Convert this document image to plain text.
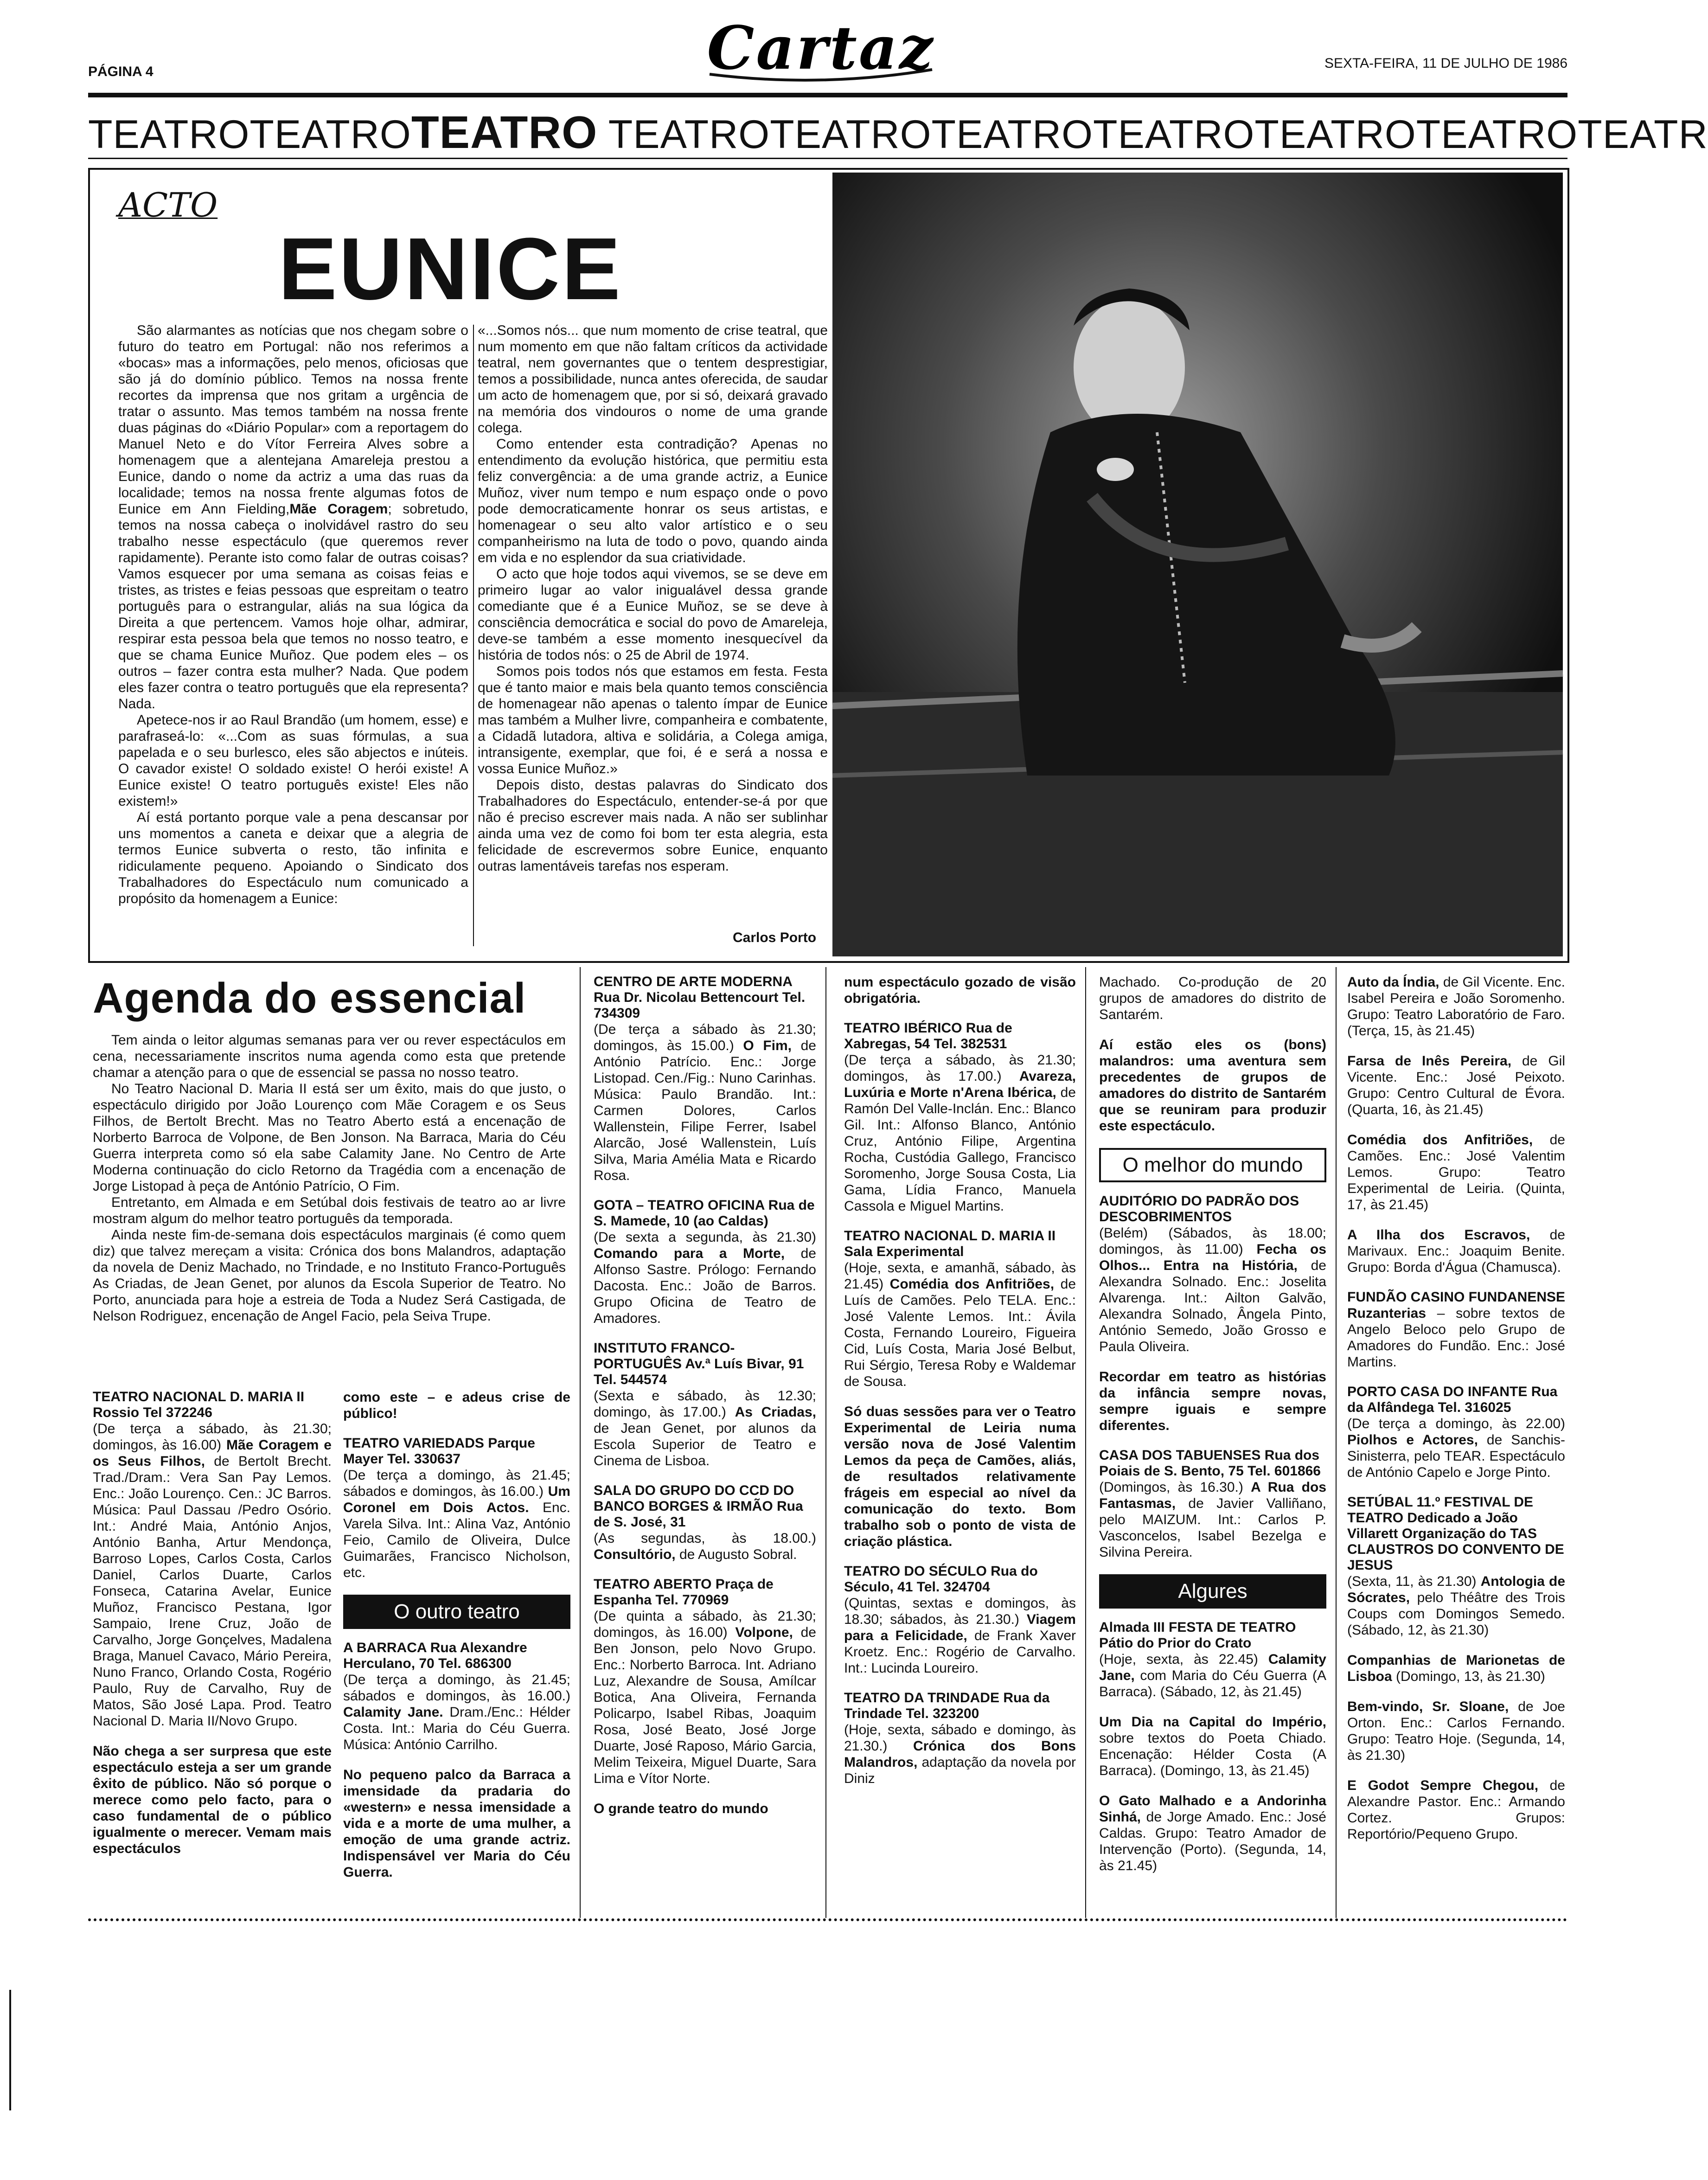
PÁGINA 4	Cartaz	SEXTA-FEIRA, 11 DE JULHO DE 1986
TEATROTEATROTEATRO TEATROTEATROTEATROTEATROTEATROTEATROTEATR
ACTO
EUNICE

São alarmantes as notícias que nos chegam sobre o futuro do teatro em Portugal: não nos referimos a «bocas» mas a informações, pelo menos, oficiosas que são já do domínio público. Temos na nossa frente recortes da imprensa que nos gritam a urgência de tratar o assunto. Mas temos também na nossa frente duas páginas do «Diário Popular» com a reportagem do Manuel Neto e do Vítor Ferreira Alves sobre a homenagem que a alentejana Amareleja prestou a Eunice, dando o nome da actriz a uma das ruas da localidade; temos na nossa frente algumas fotos de Eunice em Ann Fielding,Mãe Coragem; sobretudo, temos na nossa cabeça o inolvidável rastro do seu trabalho nesse espectáculo (que queremos rever rapidamente). Perante isto como falar de outras coisas? Vamos esquecer por uma semana as coisas feias e tristes, as tristes e feias pessoas que espreitam o teatro português para o estrangular, aliás na sua lógica da Direita a que pertencem. Vamos hoje olhar, admirar, respirar esta pessoa bela que temos no nosso teatro, e que se chama Eunice Muñoz. Que podem eles – os outros – fazer contra esta mulher? Nada. Que podem eles fazer contra o teatro português que ela representa? Nada.

Apetece-nos ir ao Raul Brandão (um homem, esse) e parafraseá-lo: «...Com as suas fórmulas, a sua papelada e o seu burlesco, eles são abjectos e inúteis. O cavador existe! O soldado existe! O herói existe! A Eunice existe! O teatro português existe! Eles não existem!»

Aí está portanto porque vale a pena descansar por uns momentos a caneta e deixar que a alegria de termos Eunice subverta o resto, tão infinita e ridiculamente pequeno. Apoiando o Sindicato dos Trabalhadores do Espectáculo num comunicado a propósito da homenagem a Eunice:

«...Somos nós... que num momento de crise teatral, que num momento em que não faltam críticos da actividade teatral, nem governantes que o tentem desprestigiar, temos a possibilidade, nunca antes oferecida, de saudar um acto de homenagem que, por si só, deixará gravado na memória dos vindouros o nome de uma grande colega.

Como entender esta contradição? Apenas no entendimento da evolução histórica, que permitiu esta feliz convergência: a de uma grande actriz, a Eunice Muñoz, viver num tempo e num espaço onde o povo pode democraticamente honrar os seus artistas, e homenagear o seu alto valor artístico e o seu companheirismo na luta de todo o povo, quando ainda em vida e no esplendor da sua criatividade.

O acto que hoje todos aqui vivemos, se se deve em primeiro lugar ao valor inigualável dessa grande comediante que é a Eunice Muñoz, se se deve à consciência democrática e social do povo de Amareleja, deve-se também a esse momento inesquecível da história de todos nós: o 25 de Abril de 1974.

Somos pois todos nós que estamos em festa. Festa que é tanto maior e mais bela quanto temos consciência de homenagear não apenas o talento ímpar de Eunice mas também a Mulher livre, companheira e combatente, a Cidadã lutadora, altiva e solidária, a Colega amiga, intransigente, exemplar, que foi, é e será a nossa e vossa Eunice Muñoz.»

Depois disto, destas palavras do Sindicato dos Trabalhadores do Espectáculo, entender-se-á por que não é preciso escrever mais nada. A não ser sublinhar ainda uma vez de como foi bom ter esta alegria, esta felicidade de escrevermos sobre Eunice, enquanto outras lamentáveis tarefas nos esperam.

Carlos Porto
Agenda do essencial

Tem ainda o leitor algumas semanas para ver ou rever espectáculos em cena, necessariamente inscritos numa agenda como esta que pretende chamar a atenção para o que de essencial se passa no nosso teatro.

No Teatro Nacional D. Maria II está ser um êxito, mais do que justo, o espectáculo dirigido por João Lourenço com Mãe Coragem e os Seus Filhos, de Bertolt Brecht. Mas no Teatro Aberto está a encenação de Norberto Barroca de Volpone, de Ben Jonson. Na Barraca, Maria do Céu Guerra interpreta como só ela sabe Calamity Jane. No Centro de Arte Moderna continuação do ciclo Retorno da Tragédia com a encenação de Jorge Listopad à peça de António Patrício, O Fim.

Entretanto, em Almada e em Setúbal dois festivais de teatro ao ar livre mostram algum do melhor teatro português da temporada.

Ainda neste fim-de-semana dois espectáculos marginais (é como quem diz) que talvez mereçam a visita: Crónica dos bons Malandros, adaptação da novela de Deniz Machado, no Trindade, e no Instituto Franco-Português As Criadas, de Jean Genet, por alunos da Escola Superior de Teatro. No Porto, anunciada para hoje a estreia de Toda a Nudez Será Castigada, de Nelson Rodriguez, encenação de Angel Facio, pela Seiva Trupe.

TEATRO NACIONAL D. MARIA II Rossio Tel 372246
(De terça a sábado, às 21.30; domingos, às 16.00) Mãe Coragem e os Seus Filhos, de Bertolt Brecht. Trad./Dram.: Vera San Pay Lemos. Enc.: João Lourenço. Cen.: JC Barros. Música: Paul Dassau /Pedro Osório. Int.: André Maia, António Anjos, António Banha, Artur Mendonça, Barroso Lopes, Carlos Costa, Carlos Daniel, Carlos Duarte, Carlos Fonseca, Catarina Avelar, Eunice Muñoz, Francisco Pestana, Igor Sampaio, Irene Cruz, João de Carvalho, Jorge Gonçelves, Madalena Braga, Manuel Cavaco, Mário Pereira, Nuno Franco, Orlando Costa, Rogério Paulo, Ruy de Carvalho, Ruy de Matos, São José Lapa. Prod. Teatro Nacional D. Maria II/Novo Grupo.
Não chega a ser surpresa que este espectáculo esteja a ser um grande êxito de público. Não só porque o merece como pelo facto, para o caso fundamental de o público igualmente o merecer. Vemam mais espectáculos
como este – e adeus crise de público!
TEATRO VARIEDADS Parque Mayer Tel. 330637
(De terça a domingo, às 21.45; sábados e domingos, às 16.00.) Um Coronel em Dois Actos. Enc. Varela Silva. Int.: Alina Vaz, António Feio, Camilo de Oliveira, Dulce Guimarães, Francisco Nicholson, etc.
O outro teatro
A BARRACA Rua Alexandre Herculano, 70 Tel. 686300
(De terça a domingo, às 21.45; sábados e domingos, às 16.00.) Calamity Jane. Dram./Enc.: Hélder Costa. Int.: Maria do Céu Guerra. Música: António Carrilho.
No pequeno palco da Barraca a imensidade da pradaria do «western» e nessa imensidade a vida e a morte de uma mulher, a emoção de uma grande actriz. Indispensável ver Maria do Céu Guerra.
CENTRO DE ARTE MODERNA Rua Dr. Nicolau Bettencourt Tel. 734309
(De terça a sábado às 21.30; domingos, às 15.00.) O Fim, de António Patrício. Enc.: Jorge Listopad. Cen./Fig.: Nuno Carinhas. Música: Paulo Brandão. Int.: Carmen Dolores, Carlos Wallenstein, Filipe Ferrer, Isabel Alarcão, José Wallenstein, Luís Silva, Maria Amélia Mata e Ricardo Rosa.
GOTA – TEATRO OFICINA Rua de S. Mamede, 10 (ao Caldas)
(De sexta a segunda, às 21.30) Comando para a Morte, de Alfonso Sastre. Prólogo: Fernando Dacosta. Enc.: João de Barros. Grupo Oficina de Teatro de Amadores.
INSTITUTO FRANCO-PORTUGUÊS Av.ª Luís Bivar, 91 Tel. 544574
(Sexta e sábado, às 12.30; domingo, às 17.00.) As Criadas, de Jean Genet, por alunos da Escola Superior de Teatro e Cinema de Lisboa.
SALA DO GRUPO DO CCD DO BANCO BORGES & IRMÃO Rua de S. José, 31
(As segundas, às 18.00.) Consultório, de Augusto Sobral.
TEATRO ABERTO Praça de Espanha Tel. 770969
(De quinta a sábado, às 21.30; domingos, às 16.00) Volpone, de Ben Jonson, pelo Novo Grupo. Enc.: Norberto Barroca. Int. Adriano Luz, Alexandre de Sousa, Amílcar Botica, Ana Oliveira, Fernanda Policarpo, Isabel Ribas, Joaquim Rosa, José Beato, José Jorge Duarte, José Raposo, Mário Garcia, Melim Teixeira, Miguel Duarte, Sara Lima e Vítor Norte.
O grande teatro do mundo
num espectáculo gozado de visão obrigatória.
TEATRO IBÉRICO Rua de Xabregas, 54 Tel. 382531
(De terça a sábado, às 21.30; domingos, às 17.00.) Avareza, Luxúria e Morte n'Arena Ibérica, de Ramón Del Valle-Inclán. Enc.: Blanco Gil. Int.: Alfonso Blanco, António Cruz, António Filipe, Argentina Rocha, Custódia Gallego, Francisco Soromenho, Jorge Sousa Costa, Lia Gama, Lídia Franco, Manuela Cassola e Miguel Martins.
TEATRO NACIONAL D. MARIA II Sala Experimental
(Hoje, sexta, e amanhã, sábado, às 21.45) Comédia dos Anfitriões, de Luís de Camões. Pelo TELA. Enc.: José Valente Lemos. Int.: Ávila Costa, Fernando Loureiro, Figueira Cid, Luís Costa, Maria José Belbut, Rui Sérgio, Teresa Roby e Waldemar de Sousa.
Só duas sessões para ver o Teatro Experimental de Leiria numa versão nova de José Valentim Lemos da peça de Camões, aliás, de resultados relativamente frágeis em especial ao nível da comunicação do texto. Bom trabalho sob o ponto de vista de criação plástica.
TEATRO DO SÉCULO Rua do Século, 41 Tel. 324704
(Quintas, sextas e domingos, às 18.30; sábados, às 21.30.) Viagem para a Felicidade, de Frank Xaver Kroetz. Enc.: Rogério de Carvalho. Int.: Lucinda Loureiro.
TEATRO DA TRINDADE Rua da Trindade Tel. 323200
(Hoje, sexta, sábado e domingo, às 21.30.) Crónica dos Bons Malandros, adaptação da novela por Diniz
Machado. Co-produção de 20 grupos de amadores do distrito de Santarém.
Aí estão eles os (bons) malandros: uma aventura sem precedentes de grupos de amadores do distrito de Santarém que se reuniram para produzir este espectáculo.
O melhor do mundo
AUDITÓRIO DO PADRÃO DOS DESCOBRIMENTOS
(Belém) (Sábados, às 18.00; domingos, às 11.00) Fecha os Olhos... Entra na História, de Alexandra Solnado. Enc.: Joselita Alvarenga. Int.: Ailton Galvão, Alexandra Solnado, Ângela Pinto, António Semedo, João Grosso e Paula Oliveira.
Recordar em teatro as histórias da infância sempre novas, sempre iguais e sempre diferentes.
CASA DOS TABUENSES Rua dos Poiais de S. Bento, 75 Tel. 601866
(Domingos, às 16.30.) A Rua dos Fantasmas, de Javier Valliñano, pelo MAIZUM. Int.: Carlos P. Vasconcelos, Isabel Bezelga e Silvina Pereira.
Algures
Almada III FESTA DE TEATRO Pátio do Prior do Crato
(Hoje, sexta, às 22.45) Calamity Jane, com Maria do Céu Guerra (A Barraca). (Sábado, 12, às 21.45)
Um Dia na Capital do Império, sobre textos do Poeta Chiado. Encenação: Hélder Costa (A Barraca). (Domingo, 13, às 21.45)
O Gato Malhado e a Andorinha Sinhá, de Jorge Amado. Enc.: José Caldas. Grupo: Teatro Amador de Intervenção (Porto). (Segunda, 14, às 21.45)
Auto da Índia, de Gil Vicente. Enc. Isabel Pereira e João Soromenho. Grupo: Teatro Laboratório de Faro. (Terça, 15, às 21.45)
Farsa de Inês Pereira, de Gil Vicente. Enc.: José Peixoto. Grupo: Centro Cultural de Évora. (Quarta, 16, às 21.45)
Comédia dos Anfitriões, de Camões. Enc.: José Valentim Lemos. Grupo: Teatro Experimental de Leiria. (Quinta, 17, às 21.45)
A Ilha dos Escravos, de Marivaux. Enc.: Joaquim Benite. Grupo: Borda d'Água (Chamusca).
FUNDÃO CASINO FUNDANENSE
Ruzanterias – sobre textos de Angelo Beloco pelo Grupo de Amadores do Fundão. Enc.: José Martins.
PORTO CASA DO INFANTE Rua da Alfândega Tel. 316025
(De terça a domingo, às 22.00) Piolhos e Actores, de Sanchis-Sinisterra, pelo TEAR. Espectáculo de António Capelo e Jorge Pinto.
SETÚBAL 11.º FESTIVAL DE TEATRO Dedicado a João Villarett Organização do TAS CLAUSTROS DO CONVENTO DE JESUS
(Sexta, 11, às 21.30) Antologia de Sócrates, pelo Théâtre des Trois Coups com Domingos Semedo. (Sábado, 12, às 21.30)
Companhias de Marionetas de Lisboa (Domingo, 13, às 21.30)
Bem-vindo, Sr. Sloane, de Joe Orton. Enc.: Carlos Fernando. Grupo: Teatro Hoje. (Segunda, 14, às 21.30)
E Godot Sempre Chegou, de Alexandre Pastor. Enc.: Armando Cortez. Grupos: Reportório/Pequeno Grupo.
